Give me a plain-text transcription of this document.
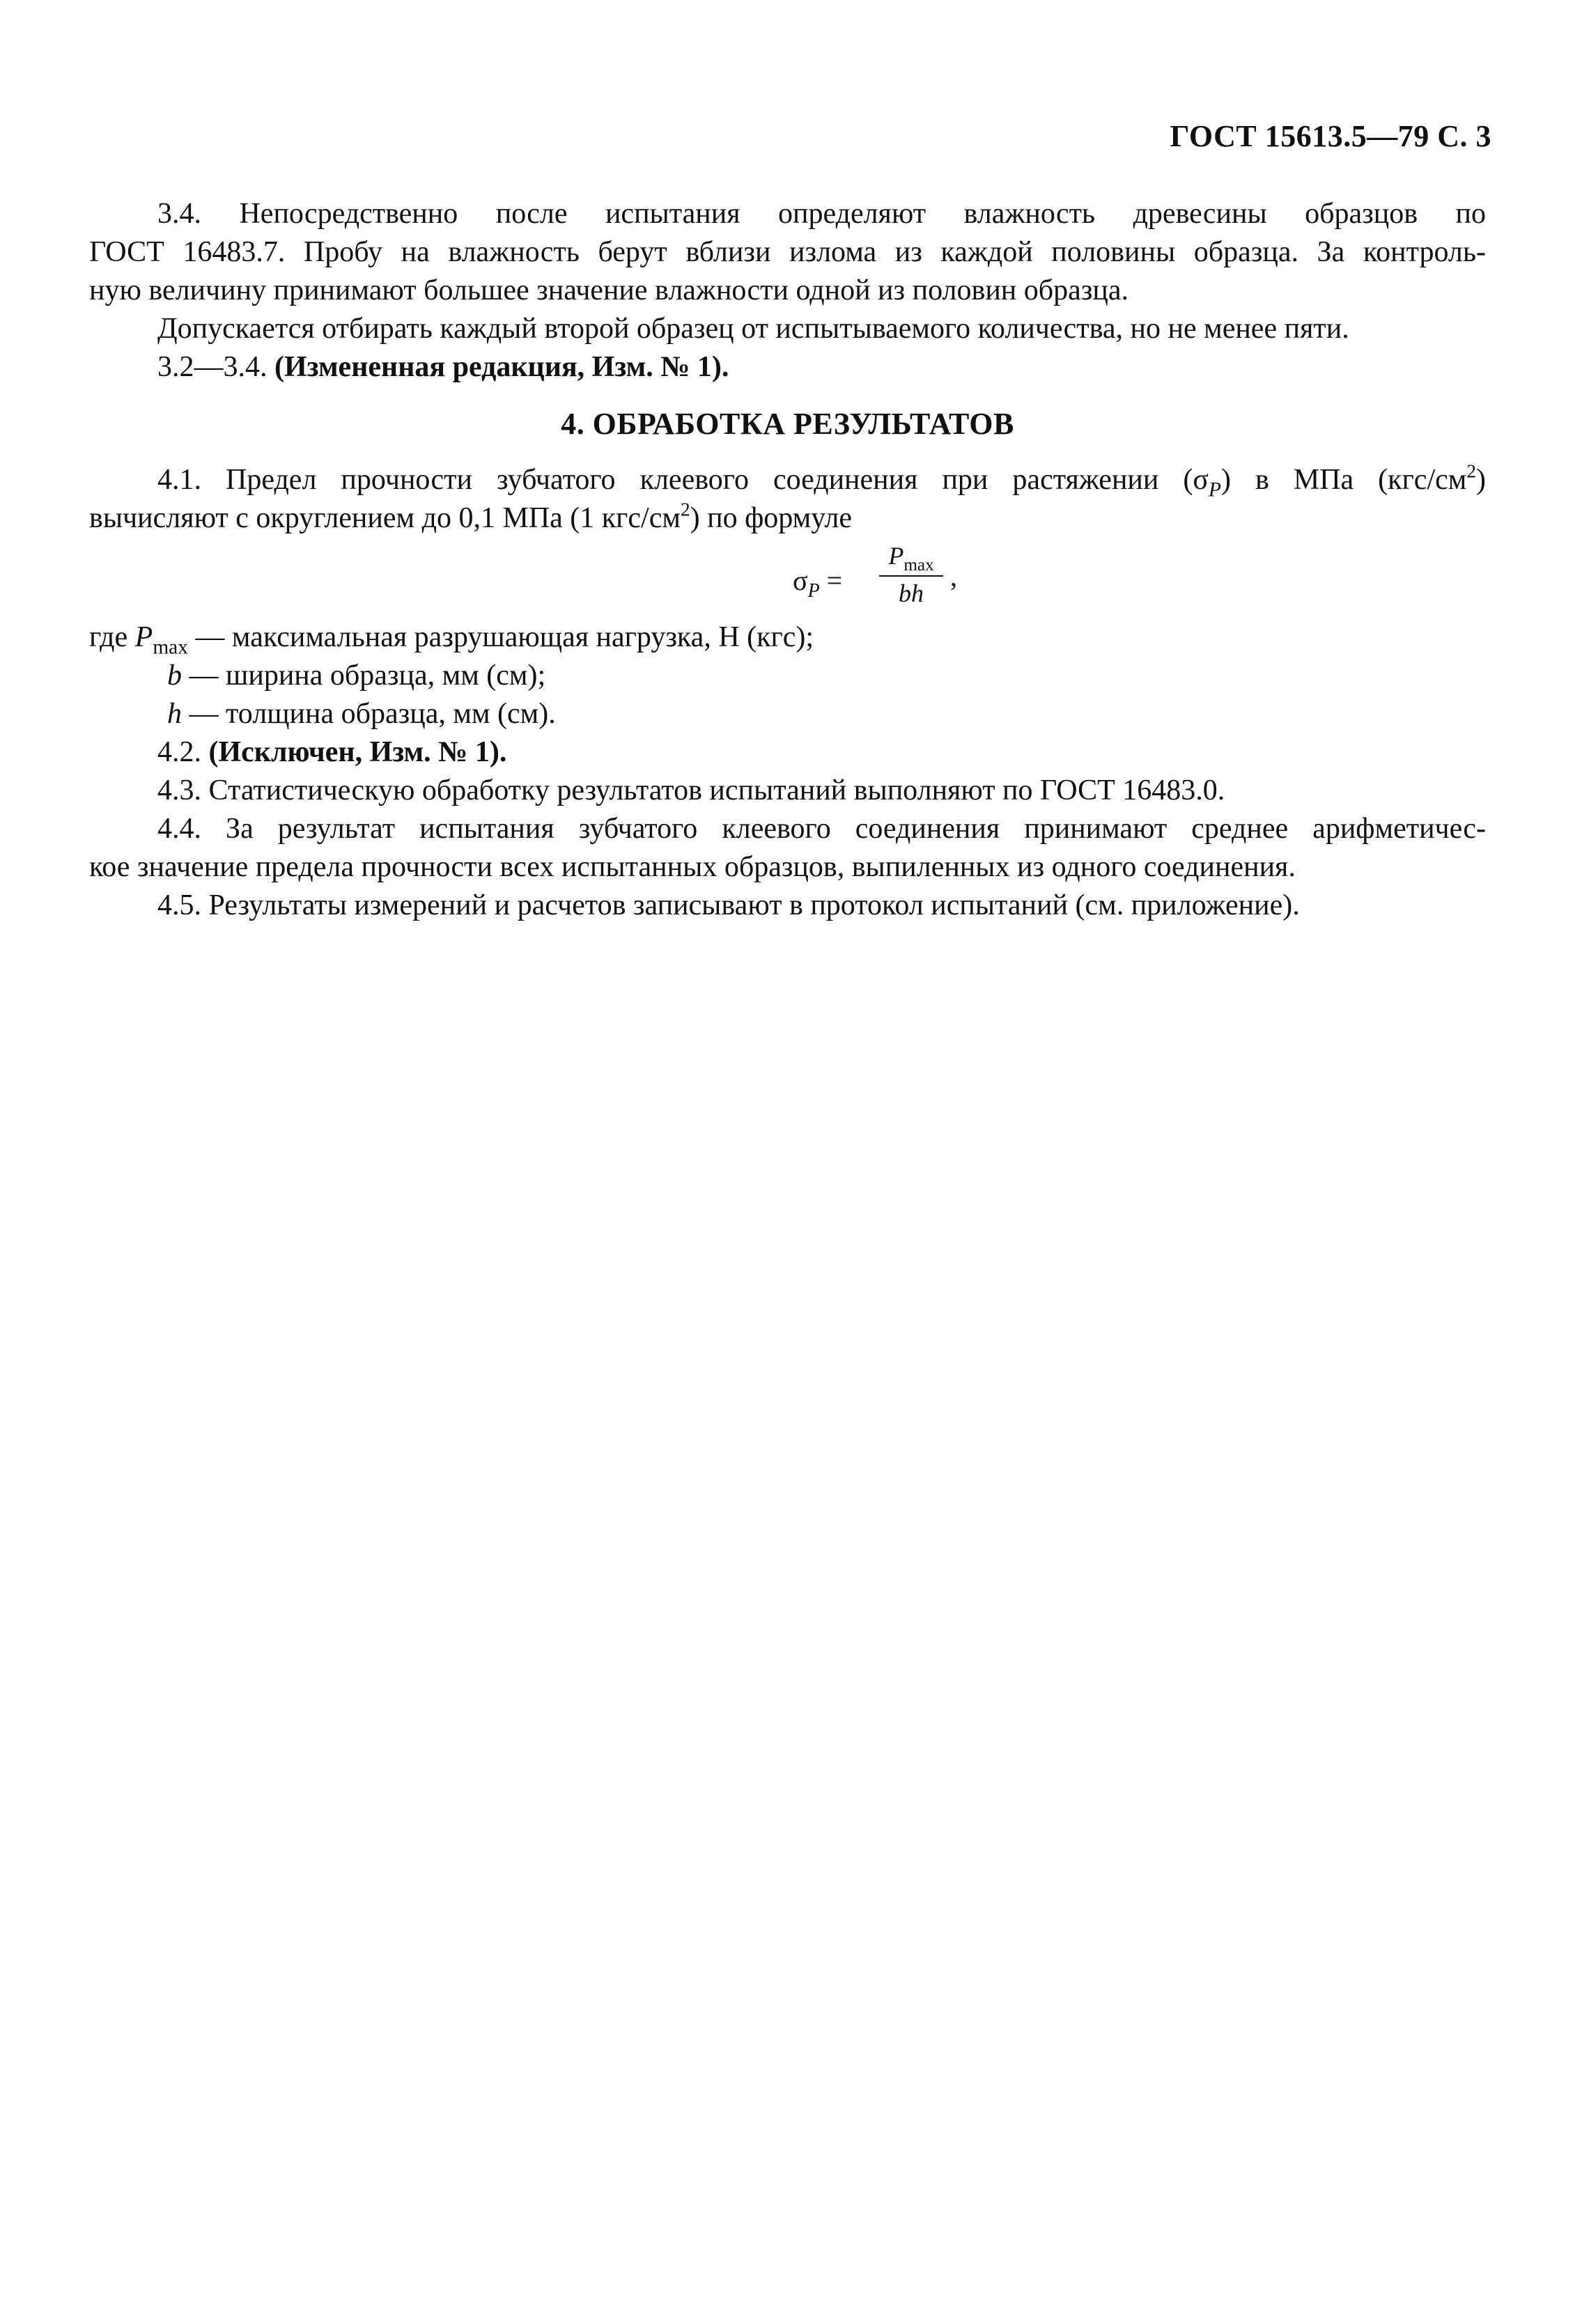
ГОСТ 15613.5—79 С. 3

3.4. Непосредственно после испытания определяют влажность древесины образцов по

ГОСТ 16483.7. Пробу на влажность берут вблизи излома из каждой половины образца. За контроль-

ную величину принимают большее значение влажности одной из половин образца.

Допускается отбирать каждый второй образец от испытываемого количества, но не менее пяти.

3.2—3.4. (Измененная редакция, Изм. № 1).

4. ОБРАБОТКА РЕЗУЛЬТАТОВ

4.1. Предел прочности зубчатого клеевого соединения при растяжении $(\sigma_P)$ в МПа $(кгс/см^2)$

вычисляют с округлением до 0,1 МПа (1 кгс/$см^2$) по формуле

$\sigma_P$ =
$P_{max}$
bh
,

где $P_{max}$ — максимальная разрушающая нагрузка, Н (кгс);

b — ширина образца, мм (см);

h — толщина образца, мм (см).

4.2. (Исключен, Изм. № 1).

4.3. Статистическую обработку результатов испытаний выполняют по ГОСТ 16483.0.

4.4. За результат испытания зубчатого клеевого соединения принимают среднее арифметичес-

кое значение предела прочности всех испытанных образцов, выпиленных из одного соединения.

4.5. Результаты измерений и расчетов записывают в протокол испытаний (см. приложение).
